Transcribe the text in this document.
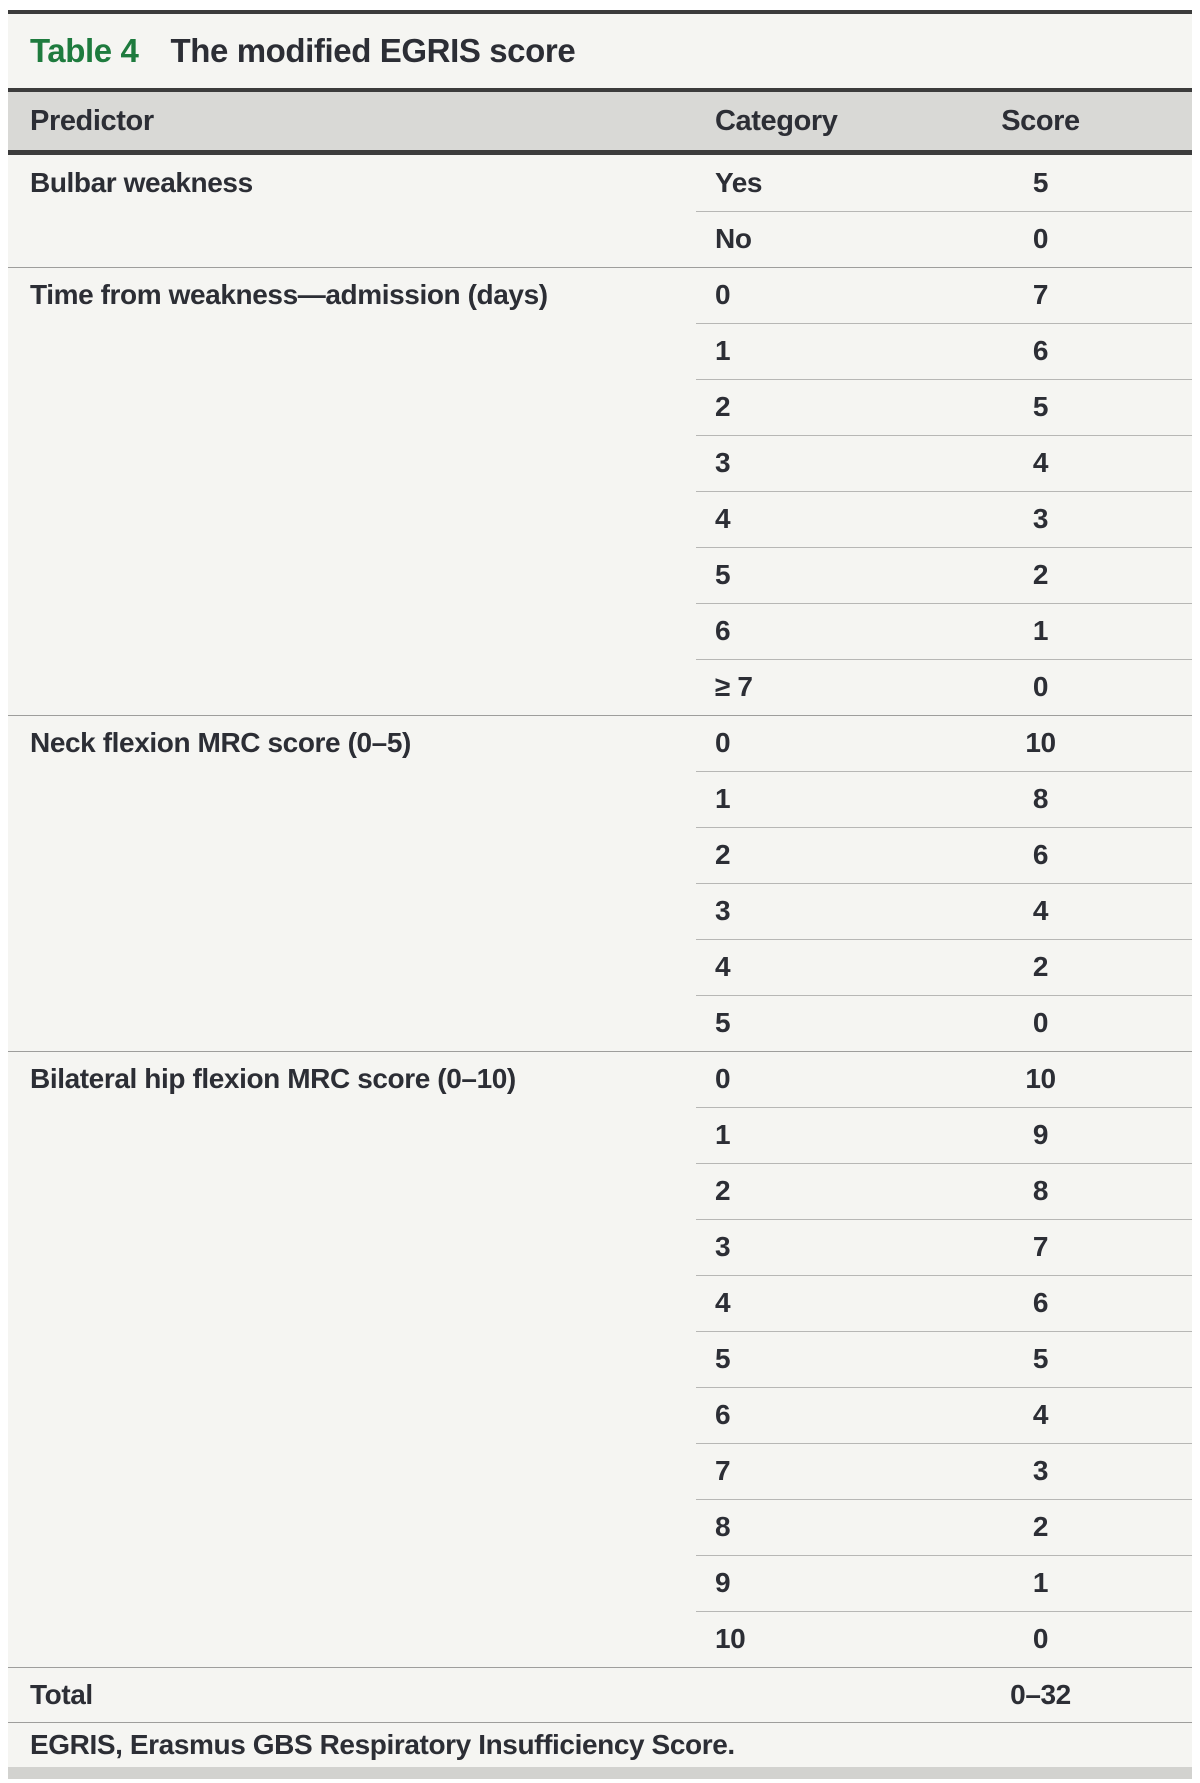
Table 4 The modified EGRIS score
Predictor	Category	Score
Bulbar weakness	Yes	5
No	0
Time from weakness—admission (days)	0	7
1	6
2	5
3	4
4	3
5	2
6	1
≥ 7	0
Neck flexion MRC score (0–5)	0	10
1	8
2	6
3	4
4	2
5	0
Bilateral hip flexion MRC score (0–10)	0	10
1	9
2	8
3	7
4	6
5	5
6	4
7	3
8	2
9	1
10	0
Total	0–32
EGRIS, Erasmus GBS Respiratory Insufficiency Score.
